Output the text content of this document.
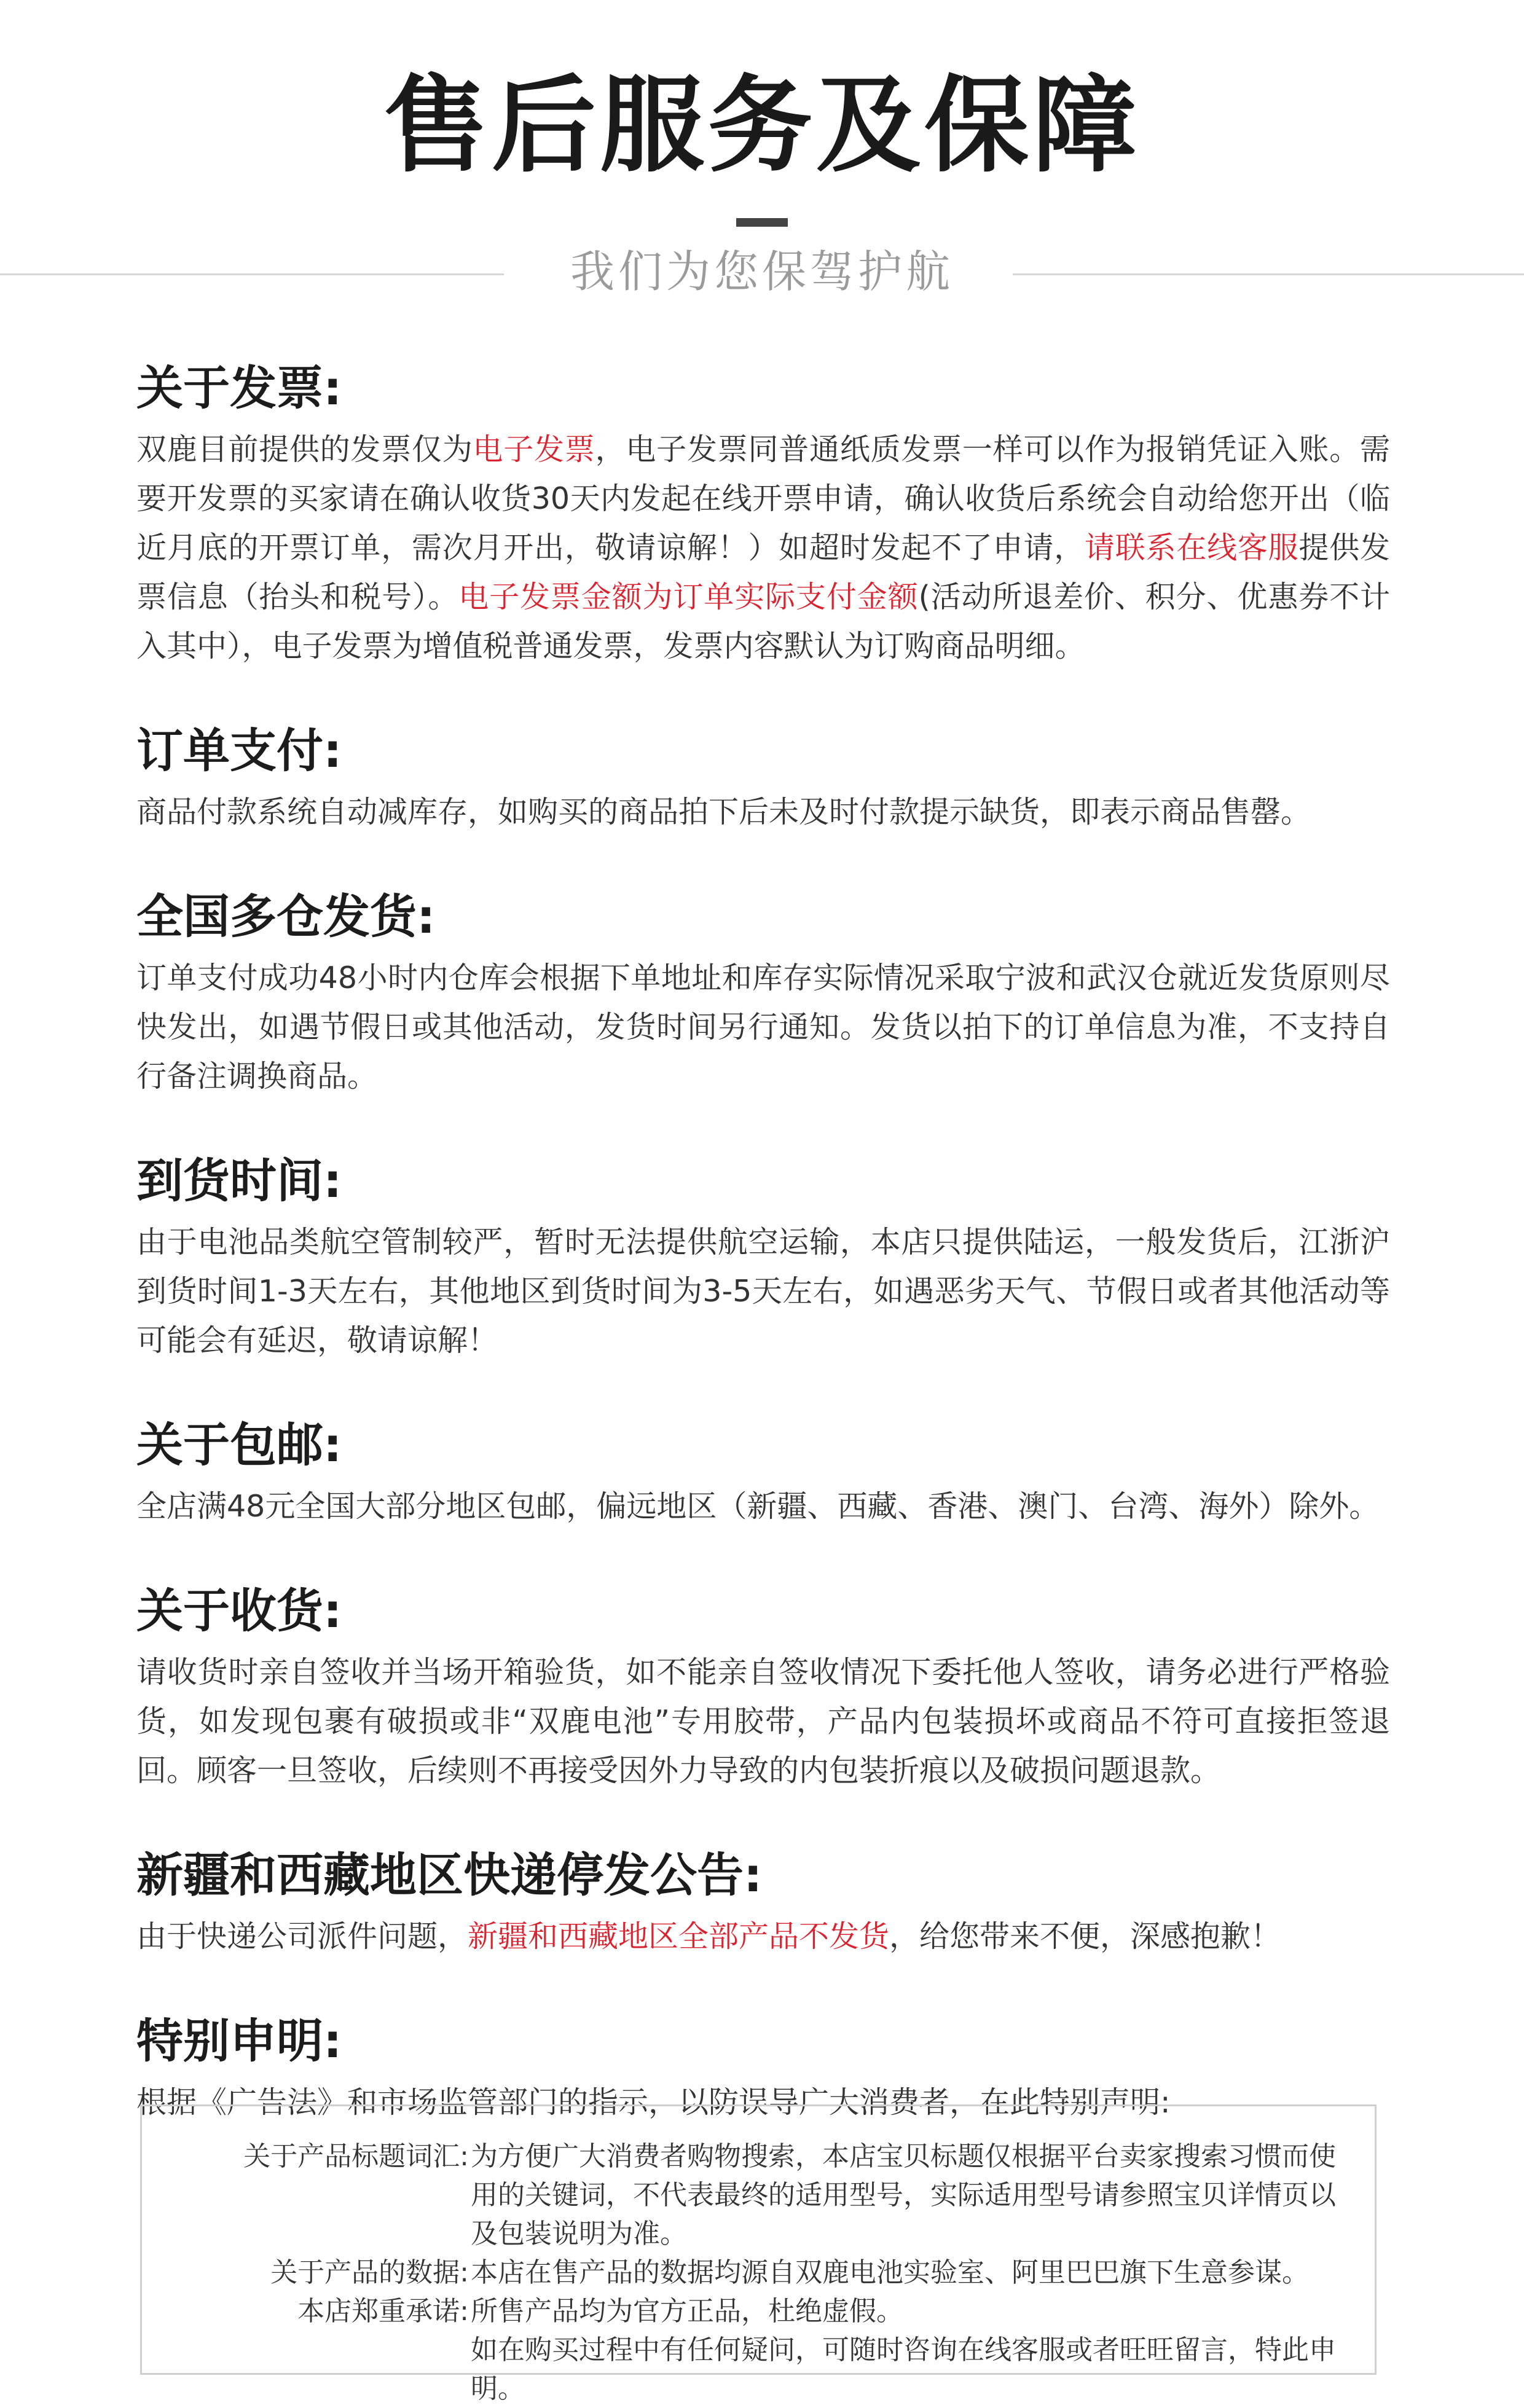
售后服务及保障
我们为您保驾护航
关于发票:
双鹿目前提供的发票仅为电子发票，电子发票同普通纸质发票一样可以作为报销凭证入账。需要开发票的买家请在确认收货30天内发起在线开票申请，确认收货后系统会自动给您开出（临近月底的开票订单，需次月开出，敬请谅解！）如超时发起不了申请，请联系在线客服提供发票信息（抬头和税号）。电子发票金额为订单实际支付金额(活动所退差价、积分、优惠券不计入其中），电子发票为增值税普通发票，发票内容默认为订购商品明细。
订单支付:
商品付款系统自动减库存，如购买的商品拍下后未及时付款提示缺货，即表示商品售罄。
全国多仓发货:
订单支付成功48小时内仓库会根据下单地址和库存实际情况采取宁波和武汉仓就近发货原则尽快发出，如遇节假日或其他活动，发货时间另行通知。发货以拍下的订单信息为准，不支持自行备注调换商品。
到货时间:
由于电池品类航空管制较严，暂时无法提供航空运输，本店只提供陆运，一般发货后，江浙沪到货时间1-3天左右，其他地区到货时间为3-5天左右，如遇恶劣天气、节假日或者其他活动等可能会有延迟，敬请谅解！
关于包邮:
全店满48元全国大部分地区包邮，偏远地区（新疆、西藏、香港、澳门、台湾、海外）除外。
关于收货:
请收货时亲自签收并当场开箱验货，如不能亲自签收情况下委托他人签收，请务必进行严格验货，如发现包裹有破损或非“双鹿电池”专用胶带，产品内包装损坏或商品不符可直接拒签退回。顾客一旦签收，后续则不再接受因外力导致的内包装折痕以及破损问题退款。
新疆和西藏地区快递停发公告:
由于快递公司派件问题，新疆和西藏地区全部产品不发货，给您带来不便，深感抱歉！
特别申明:
根据《广告法》和市场监管部门的指示，以防误导广大消费者，在此特别声明:
关于产品标题词汇: 为方便广大消费者购物搜索，本店宝贝标题仅根据平台卖家搜索习惯而使用的关键词，不代表最终的适用型号，实际适用型号请参照宝贝详情页以及包装说明为准。
关于产品的数据: 本店在售产品的数据均源自双鹿电池实验室、阿里巴巴旗下生意参谋。
本店郑重承诺: 所售产品均为官方正品，杜绝虚假。
如在购买过程中有任何疑问，可随时咨询在线客服或者旺旺留言，特此申明。
